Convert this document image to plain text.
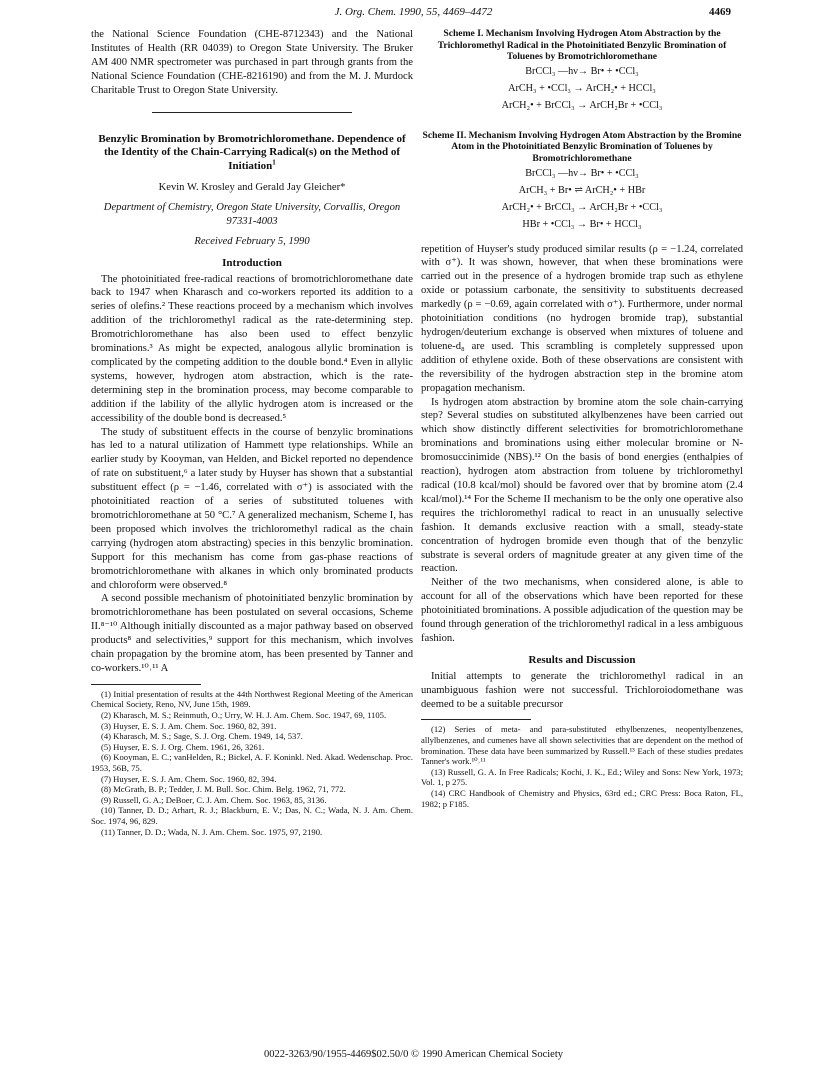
J. Org. Chem. 1990, 55, 4469–4472	4469

the National Science Foundation (CHE-8712343) and the National Institutes of Health (RR 04039) to Oregon State University. The Bruker AM 400 NMR spectrometer was purchased in part through grants from the National Science Foundation (CHE-8216190) and from the M. J. Murdock Charitable Trust to Oregon State University.

Benzylic Bromination by Bromotrichloromethane. Dependence of the Identity of the Chain-Carrying Radical(s) on the Method of Initiation$^1$
Kevin W. Krosley and Gerald Jay Gleicher*
Department of Chemistry, Oregon State University, Corvallis, Oregon 97331-4003
Received February 5, 1990
Introduction

The photoinitiated free-radical reactions of bromotrichloromethane date back to 1947 when Kharasch and co-workers reported its addition to a series of olefins.² These reactions proceed by a mechanism which involves addition of the trichloromethyl radical as the rate-determining step. Bromotrichloromethane has also been used to effect benzylic brominations.³ As might be expected, analogous allylic bromination is complicated by the competing addition to the double bond.⁴ Even in allylic systems, however, hydrogen atom abstraction, which is the rate-determining step in the bromination process, may become comparable to addition if the lability of the allylic hydrogen atom is increased or the accessibility of the double bond is decreased.⁵

The study of substituent effects in the course of benzylic brominations has led to a natural utilization of Hammett type relationships. While an earlier study by Kooyman, van Helden, and Bickel reported no dependence of rate on substituent,⁶ a later study by Huyser has shown that a substantial substituent effect (ρ = −1.46, correlated with σ⁺) is associated with the photoinitiated reaction of a series of substituted toluenes with bromotrichloromethane at 50 °C.⁷ A generalized mechanism, Scheme I, has been proposed which involves the trichloromethyl radical as the chain carrying (hydrogen atom abstracting) species in this benzylic bromination. Support for this mechanism has come from gas-phase reactions of bromotrichloromethane with alkanes in which only brominated products and chloroform were observed.⁸

A second possible mechanism of photoinitiated benzylic bromination by bromotrichloromethane has been postulated on several occasions, Scheme II.⁸⁻¹⁰ Although initially discounted as a major pathway based on observed products⁸ and selectivities,⁹ support for this mechanism, which involves chain propagation by the bromine atom, has been presented by Tanner and co-workers.¹⁰˒¹¹ A

(1) Initial presentation of results at the 44th Northwest Regional Meeting of the American Chemical Society, Reno, NV, June 15th, 1989.
(2) Kharasch, M. S.; Reinmuth, O.; Urry, W. H. J. Am. Chem. Soc. 1947, 69, 1105.
(3) Huyser, E. S. J. Am. Chem. Soc. 1960, 82, 391.
(4) Kharasch, M. S.; Sage, S. J. Org. Chem. 1949, 14, 537.
(5) Huyser, E. S. J. Org. Chem. 1961, 26, 3261.
(6) Kooyman, E. C.; vanHelden, R.; Bickel, A. F. Koninkl. Ned. Akad. Wedenschap. Proc. 1953, 56B, 75.
(7) Huyser, E. S. J. Am. Chem. Soc. 1960, 82, 394.
(8) McGrath, B. P.; Tedder, J. M. Bull. Soc. Chim. Belg. 1962, 71, 772.
(9) Russell, G. A.; DeBoer, C. J. Am. Chem. Soc. 1963, 85, 3136.
(10) Tanner, D. D.; Arhart, R. J.; Blackburn, E. V.; Das, N. C.; Wada, N. J. Am. Chem. Soc. 1974, 96, 829.
(11) Tanner, D. D.; Wada, N. J. Am. Chem. Soc. 1975, 97, 2190.
Scheme I. Mechanism Involving Hydrogen Atom Abstraction by the Trichloromethyl Radical in the Photoinitiated Benzylic Bromination of Toluenes by Bromotrichloromethane
BrCCl₃ —hν→ Br• + •CCl₃
ArCH₃ + •CCl₃ → ArCH₂• + HCCl₃
ArCH₂• + BrCCl₃ → ArCH₂Br + •CCl₃
Scheme II. Mechanism Involving Hydrogen Atom Abstraction by the Bromine Atom in the Photoinitiated Benzylic Bromination of Toluenes by Bromotrichloromethane
BrCCl₃ —hν→ Br• + •CCl₃
ArCH₃ + Br• ⇌ ArCH₂• + HBr
ArCH₂• + BrCCl₃ → ArCH₂Br + •CCl₃
HBr + •CCl₃ → Br• + HCCl₃

repetition of Huyser's study produced similar results (ρ = −1.24, correlated with σ⁺). It was shown, however, that when these brominations were carried out in the presence of a hydrogen bromide trap such as ethylene oxide or potassium carbonate, the sensitivity to substituents decreased markedly (ρ = −0.69, again correlated with σ⁺). Furthermore, under normal photoinitiation conditions (no hydrogen bromide trap), substantial hydrogen/deuterium exchange is observed when mixtures of toluene and toluene-d₈ are used. This scrambling is completely suppressed upon addition of ethylene oxide. Both of these observations are consistent with the reversibility of the hydrogen abstraction step in the bromine atom propagation mechanism.

Is hydrogen atom abstraction by bromine atom the sole chain-carrying step? Several studies on substituted alkylbenzenes have been carried out which show distinctly different selectivities for bromotrichloromethane brominations and brominations using either molecular bromine or N-bromosuccinimide (NBS).¹² On the basis of bond energies (enthalpies of reaction), hydrogen atom abstraction from toluene by trichloromethyl radical (10.8 kcal/mol) should be favored over that by bromine atom (2.4 kcal/mol).¹⁴ For the Scheme II mechanism to be the only one operative also requires the trichloromethyl radical to react in an unusually selective fashion. It demands exclusive reaction with a small, steady-state concentration of hydrogen bromide even though that of the benzylic substrate is several orders of magnitude greater at any given time of the reaction.

Neither of the two mechanisms, when considered alone, is able to account for all of the observations which have been reported for these photoinitiated brominations. A possible adjudication of the question may be found through generation of the trichloromethyl radical in a less ambiguous fashion.

Results and Discussion

Initial attempts to generate the trichloromethyl radical in an unambiguous fashion were not successful. Trichloroiodomethane was deemed to be a suitable precursor

(12) Series of meta- and para-substituted ethylbenzenes, neopentylbenzenes, allylbenzenes, and cumenes have all shown selectivities that are dependent on the method of bromination. These data have been summarized by Russell.¹³ Each of these studies predates Tanner's work.¹⁰˒¹¹
(13) Russell, G. A. In Free Radicals; Kochi, J. K., Ed.; Wiley and Sons: New York, 1973; Vol. 1, p 275.
(14) CRC Handbook of Chemistry and Physics, 63rd ed.; CRC Press: Boca Raton, FL, 1982; p F185.
0022-3263/90/1955-4469$02.50/0 © 1990 American Chemical Society
